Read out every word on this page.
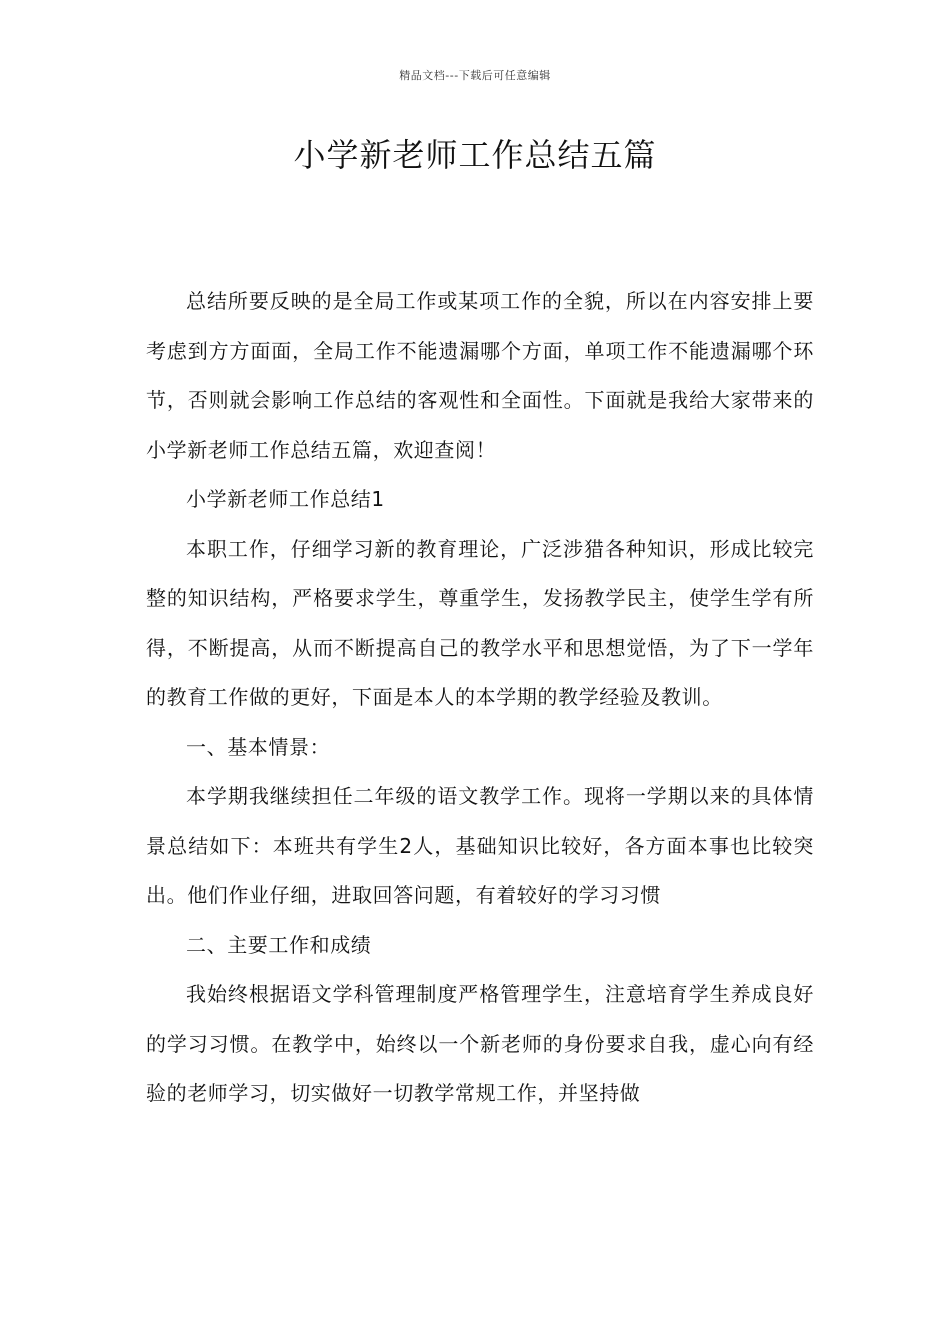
精品文档---下载后可任意编辑
小学新老师工作总结五篇

总结所要反映的是全局工作或某项工作的全貌，所以在内容安排上要考虑到方方面面，全局工作不能遗漏哪个方面，单项工作不能遗漏哪个环节，否则就会影响工作总结的客观性和全面性。下面就是我给大家带来的小学新老师工作总结五篇，欢迎查阅！

小学新老师工作总结1

本职工作，仔细学习新的教育理论，广泛涉猎各种知识，形成比较完整的知识结构，严格要求学生，尊重学生，发扬教学民主，使学生学有所得，不断提高，从而不断提高自己的教学水平和思想觉悟，为了下一学年的教育工作做的更好，下面是本人的本学期的教学经验及教训。

一、基本情景：

本学期我继续担任二年级的语文教学工作。现将一学期以来的具体情景总结如下：本班共有学生2人，基础知识比较好，各方面本事也比较突出。他们作业仔细，进取回答问题，有着较好的学习习惯

二、主要工作和成绩

我始终根据语文学科管理制度严格管理学生，注意培育学生养成良好的学习习惯。在教学中，始终以一个新老师的身份要求自我，虚心向有经验的老师学习，切实做好一切教学常规工作，并坚持做
